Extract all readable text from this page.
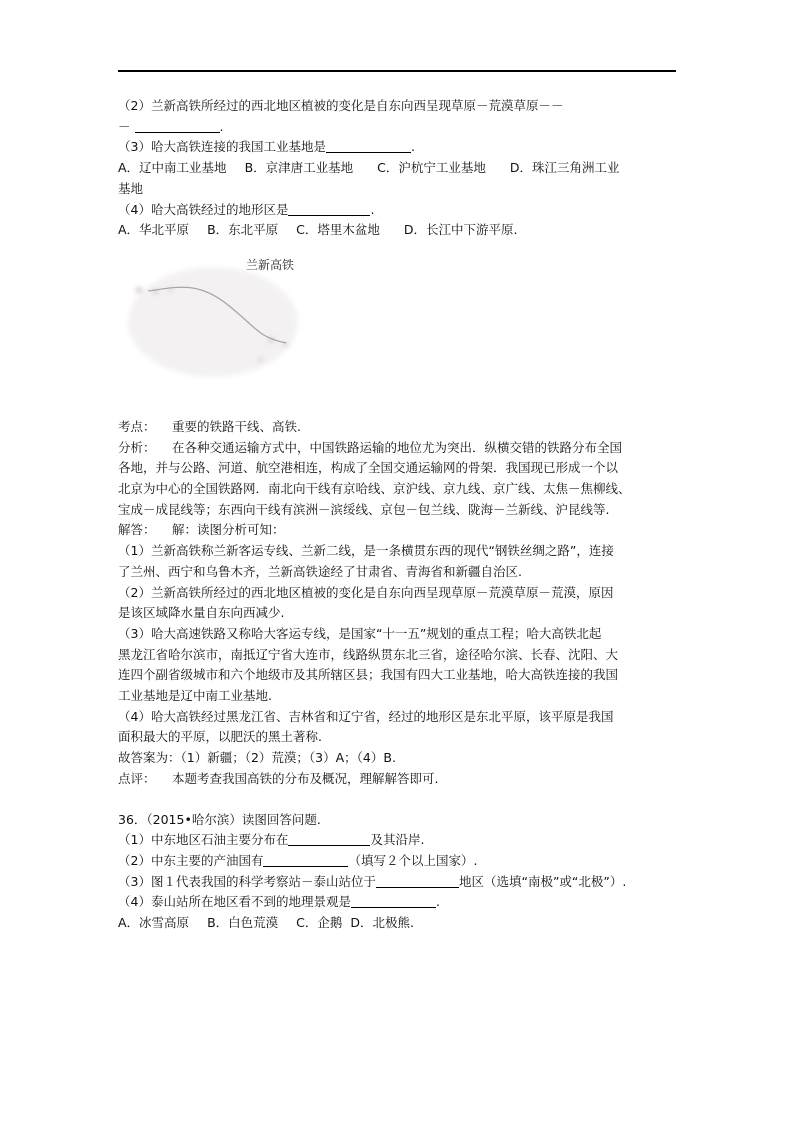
（2）兰新高铁所经过的西北地区植被的变化是自东向西呈现草原－荒漠草原－－

－	.

（3）哈大高铁连接的我国工业基地是	.

A．辽中南工业基地 B．京津唐工业基地 C．沪杭宁工业基地 D．珠江三角洲工业

基地

（4）哈大高铁经过的地形区是	.

A．华北平原 B．东北平原 C．塔里木盆地 D．长江中下游平原.

兰新高铁

考点： 重要的铁路干线、高铁.

分析： 在各种交通运输方式中，中国铁路运输的地位尤为突出．纵横交错的铁路分布全国

各地，并与公路、河道、航空港相连，构成了全国交通运输网的骨架．我国现已形成一个以

北京为中心的全国铁路网．南北向干线有京哈线、京沪线、京九线、京广线、太焦－焦柳线、

宝成－成昆线等；东西向干线有滨洲－滨绥线、京包－包兰线、陇海－兰新线、沪昆线等.

解答： 解：读图分析可知：

（1）兰新高铁称兰新客运专线、兰新二线，是一条横贯东西的现代“钢铁丝绸之路”，连接

了兰州、西宁和乌鲁木齐，兰新高铁途经了甘肃省、青海省和新疆自治区.

（2）兰新高铁所经过的西北地区植被的变化是自东向西呈现草原－荒漠草原－荒漠，原因

是该区域降水量自东向西减少.

（3）哈大高速铁路又称哈大客运专线，是国家“十一五”规划的重点工程；哈大高铁北起

黑龙江省哈尔滨市，南抵辽宁省大连市，线路纵贯东北三省，途径哈尔滨、长春、沈阳、大

连四个副省级城市和六个地级市及其所辖区县；我国有四大工业基地，哈大高铁连接的我国

工业基地是辽中南工业基地.

（4）哈大高铁经过黑龙江省、吉林省和辽宁省，经过的地形区是东北平原，该平原是我国

面积最大的平原，以肥沃的黑土著称.

故答案为：（1）新疆；（2）荒漠；（3）A；（4）B.

点评： 本题考查我国高铁的分布及概况，理解解答即可.

36．（2015•哈尔滨）读图回答问题.

（1）中东地区石油主要分布在	及其沿岸.

（2）中东主要的产油国有	（填写２个以上国家）.

（3）图１代表我国的科学考察站－泰山站位于	地区（选填“南极”或“北极”）.

（4）泰山站所在地区看不到的地理景观是	.

A．冰雪高原 B．白色荒漠 C．企鹅 D．北极熊.
